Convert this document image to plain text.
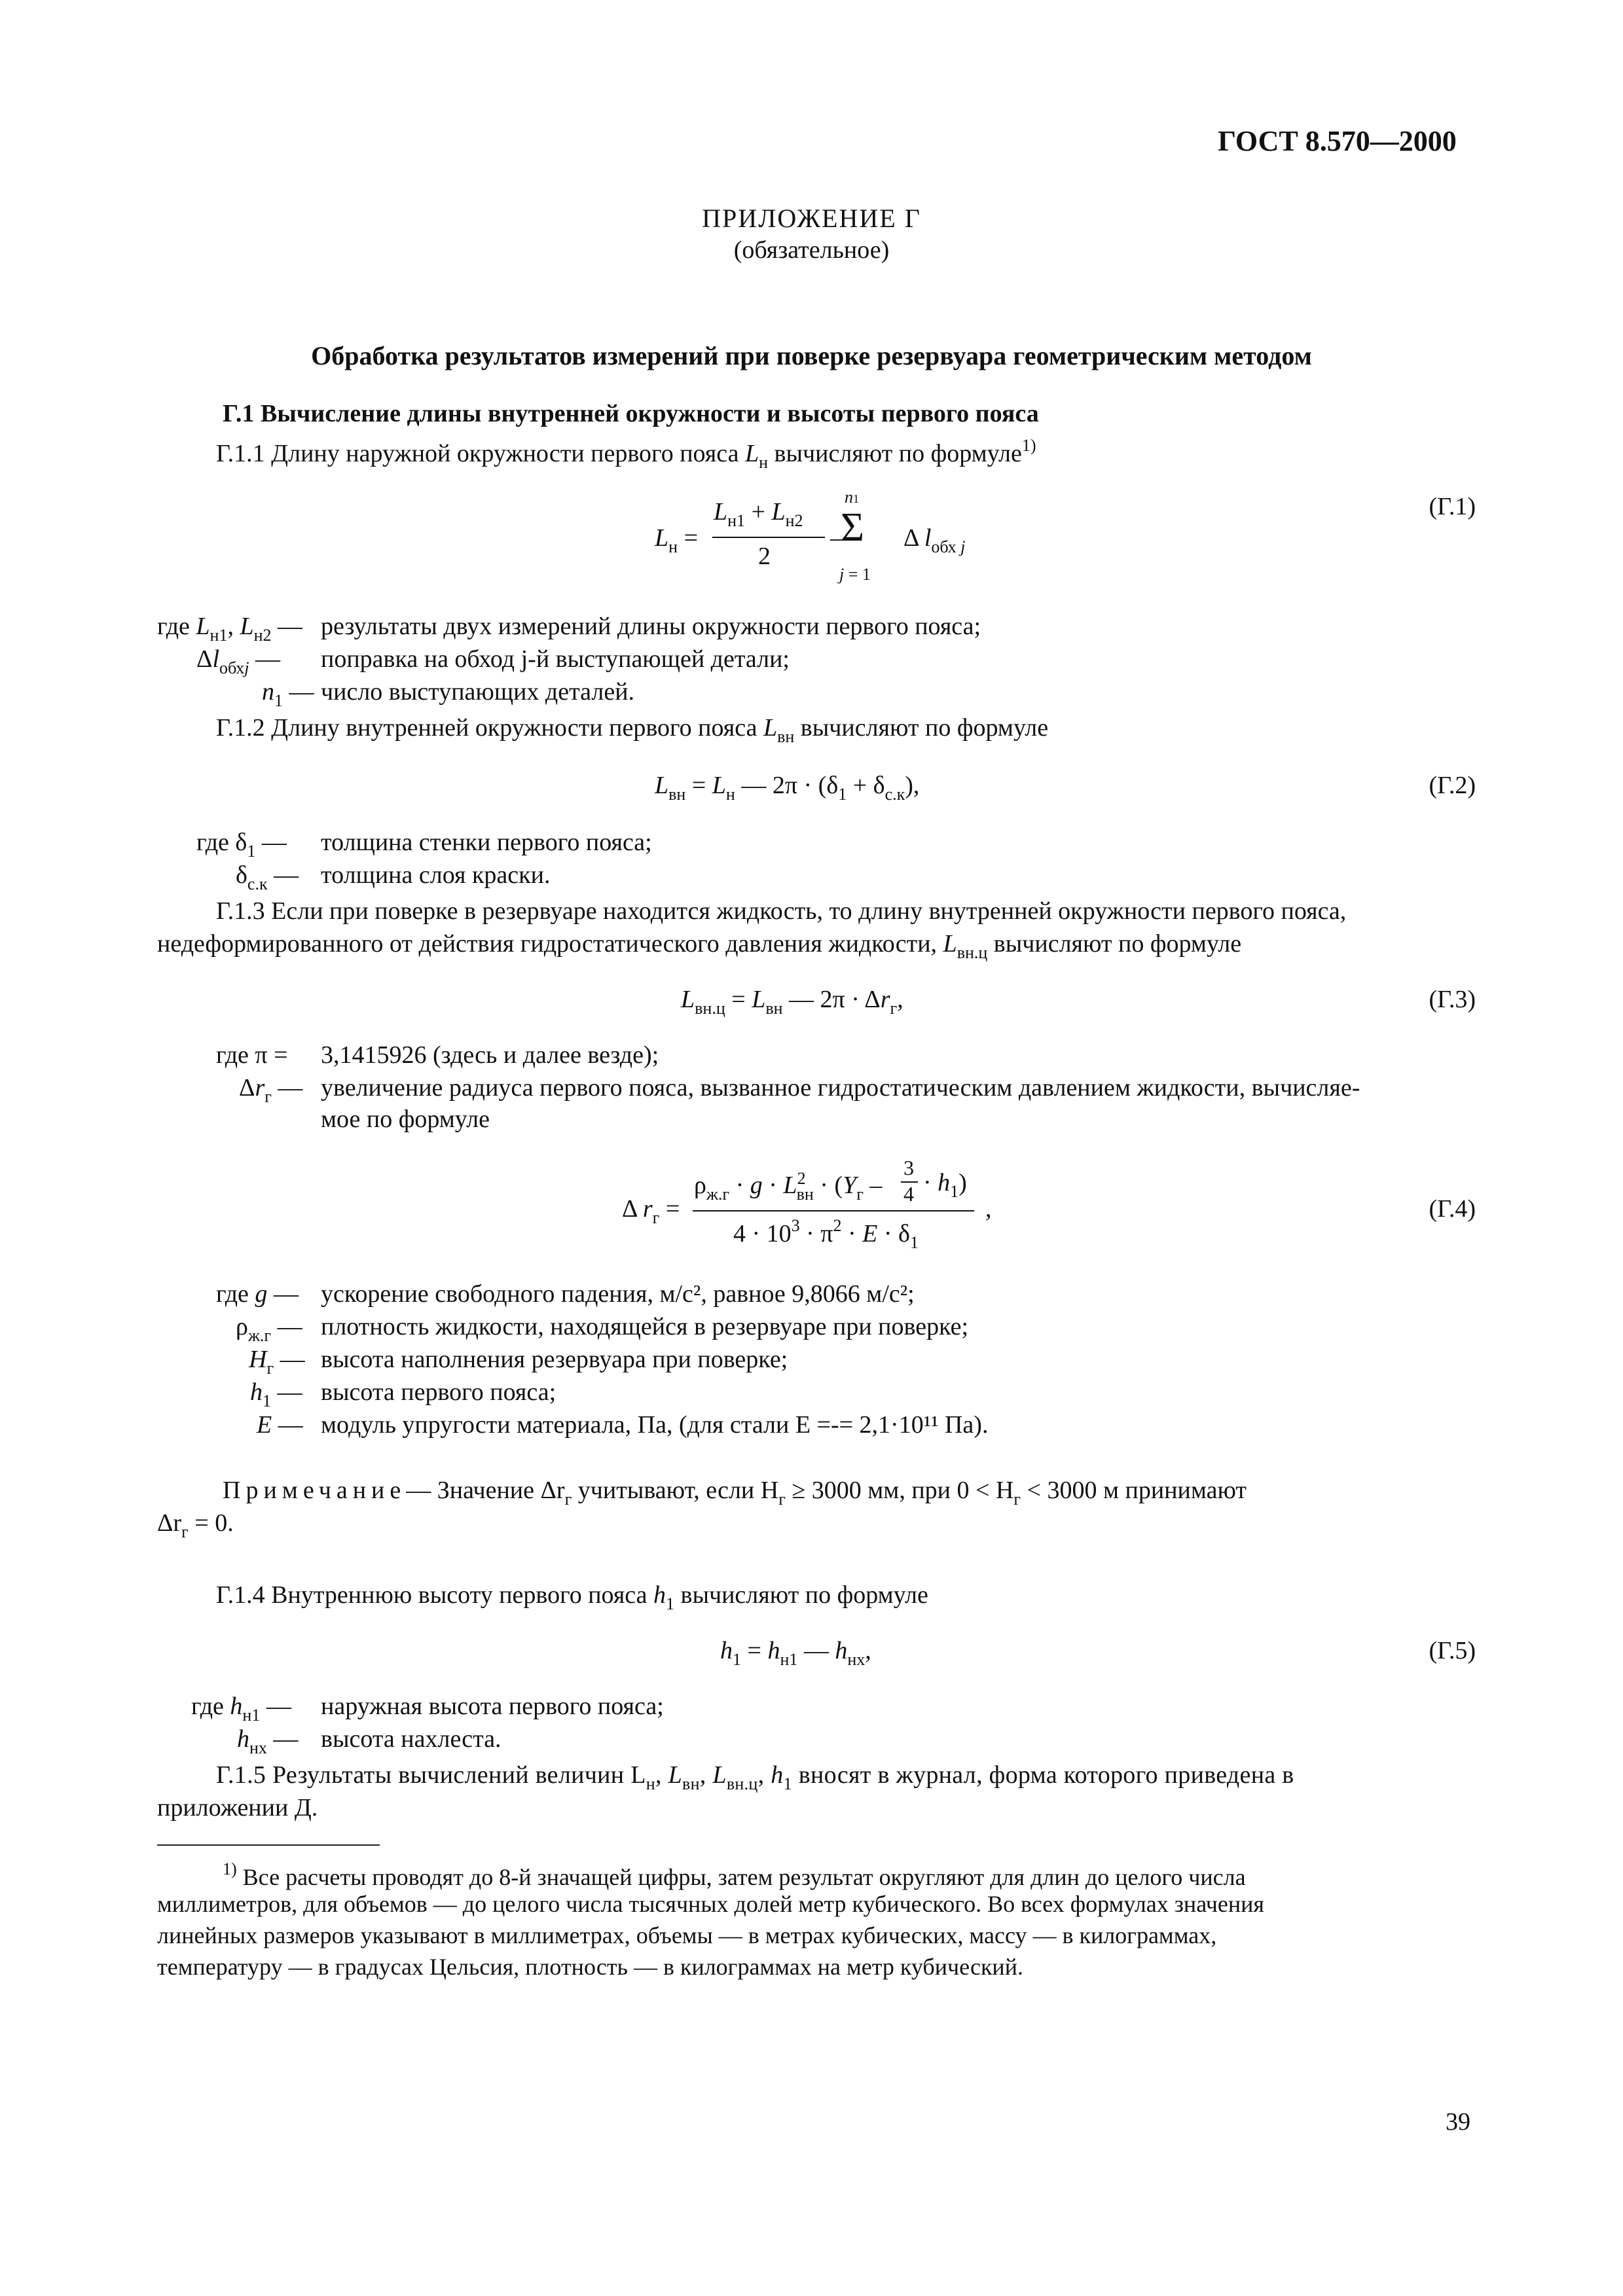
ГОСТ 8.570—2000
ПРИЛОЖЕНИЕ Г
(обязательное)
Обработка результатов измерений при поверке резервуара геометрическим методом
Г.1 Вычисление длины внутренней окружности и высоты первого пояса
Г.1.1 Длину наружной окружности первого пояса $L_н$ вычисляют по формуле$^{1)}$
$L_н$ =
$L_{н1} + L_{н2}$
2
–
n1
Σ
j = 1
Δ $l_{обх j}$
(Г.1)
где $L_{н1}$, $L_{н2}$ — результаты двух измерений длины окружности первого пояса;
$\Delta l_{обхj}$ — поправка на обход j-й выступающей детали;
$n_1$ — число выступающих деталей.
Г.1.2 Длину внутренней окружности первого пояса $L_{вн}$ вычисляют по формуле
$L_{вн} = L_н$ — $2\pi \cdot (\delta_1 + \delta_{с.к})$,	(Г.2)
где $\delta_1$ — толщина стенки первого пояса;
$\delta_{с.к}$ — толщина слоя краски.
Г.1.3 Если при поверке в резервуаре находится жидкость, то длину внутренней окружности первого пояса,
недеформированного от действия гидростатического давления жидкости, $L_{вн.ц}$ вычисляют по формуле
$L_{вн.ц} = L_{вн}$ — $2\pi \cdot \Delta r_г$,	(Г.3)
где π = 3,1415926 (здесь и далее везде);
$\Delta r_г$ — увеличение радиуса первого пояса, вызванное гидростатическим давлением жидкости, вычисляе-
мое по формуле
Δ $r_г$ =
$\rho_{ж.г} \cdot g \cdot L^2_{вн} \cdot (Y_г$ –
3
$4 \cdot h_1$)
$4 \cdot 10^3 \cdot \pi^2 \cdot E \cdot \delta_1$
,	(Г.4)
где g — ускорение свободного падения, м/с², равное 9,8066 м/с²;
$\rho_{ж.г}$ — плотность жидкости, находящейся в резервуаре при поверке;
$H_г$ — высота наполнения резервуара при поверке;
$h_1$ — высота первого пояса;
E — модуль упругости материала, Па, (для стали E =-= 2,1·10¹¹ Па).
Примечание— Значение $\Delta r_г$ учитывают, если $H_г \ge 3000$ мм, при $0 < H_г < 3000$ м принимают
$\Delta r_г = 0$.
Г.1.4 Внутреннюю высоту первого пояса $h_1$ вычисляют по формуле
$h_1 = h_{н1}$ — $h_{нх}$,	(Г.5)
где $h_{н1}$ — наружная высота первого пояса;
$h_{нх}$ — высота нахлеста.
Г.1.5 Результаты вычислений величин $L_н$, $L_{вн}$, $L_{вн.ц}$, $h_1$ вносят в журнал, форма которого приведена в
приложении Д.
$^{1)}$ Все расчеты проводят до 8-й значащей цифры, затем результат округляют для длин до целого числа
миллиметров, для объемов — до целого числа тысячных долей метр кубического. Во всех формулах значения
линейных размеров указывают в миллиметрах, объемы — в метрах кубических, массу — в килограммах,
температуру — в градусах Цельсия, плотность — в килограммах на метр кубический.
39
